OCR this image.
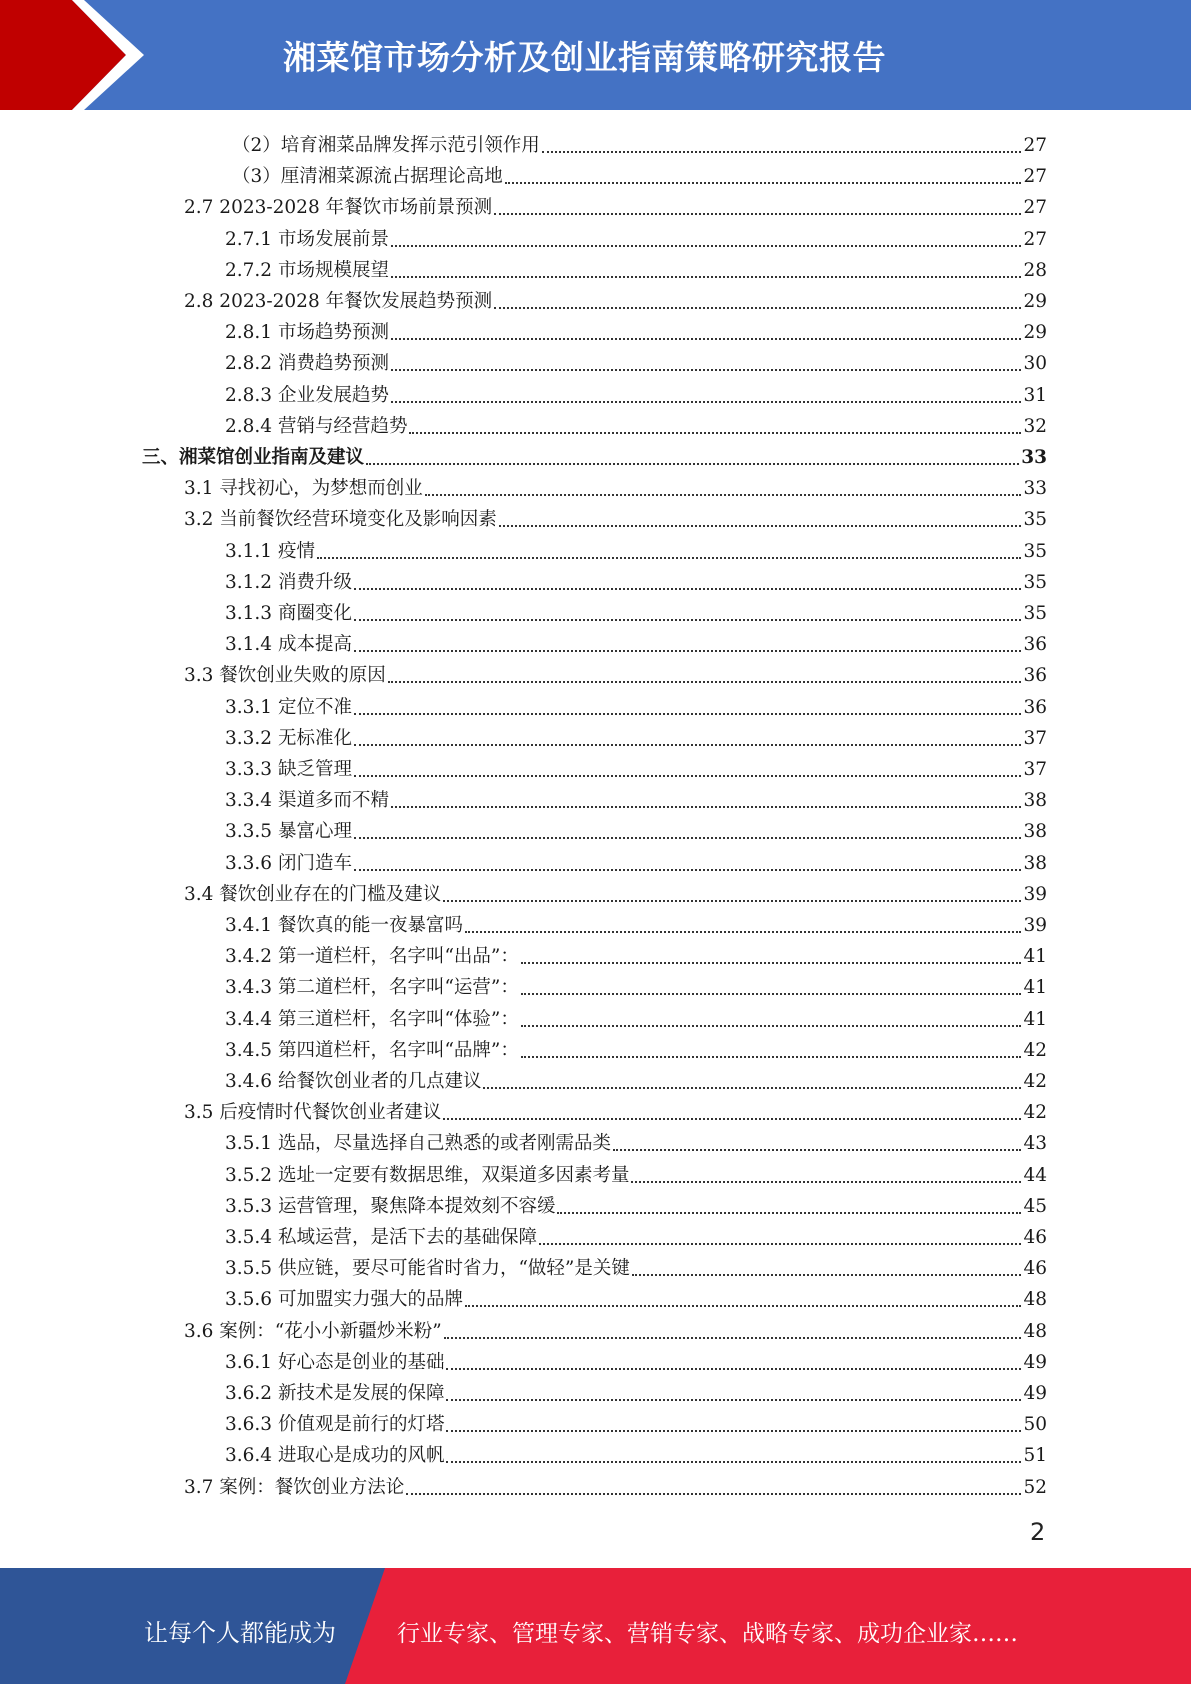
湘菜馆市场分析及创业指南策略研究报告
（2）培育湘菜品牌发挥示范引领作用	27
（3）厘清湘菜源流占据理论高地	27
2.7 2023-2028 年餐饮市场前景预测	27
2.7.1 市场发展前景	27
2.7.2 市场规模展望	28
2.8 2023-2028 年餐饮发展趋势预测	29
2.8.1 市场趋势预测	29
2.8.2 消费趋势预测	30
2.8.3 企业发展趋势	31
2.8.4 营销与经营趋势	32
三、湘菜馆创业指南及建议	33
3.1 寻找初心，为梦想而创业	33
3.2 当前餐饮经营环境变化及影响因素	35
3.1.1 疫情	35
3.1.2 消费升级	35
3.1.3 商圈变化	35
3.1.4 成本提高	36
3.3 餐饮创业失败的原因	36
3.3.1 定位不准	36
3.3.2 无标准化	37
3.3.3 缺乏管理	37
3.3.4 渠道多而不精	38
3.3.5 暴富心理	38
3.3.6 闭门造车	38
3.4 餐饮创业存在的门槛及建议	39
3.4.1 餐饮真的能一夜暴富吗	39
3.4.2 第一道栏杆，名字叫“出品”：	41
3.4.3 第二道栏杆，名字叫“运营”：	41
3.4.4 第三道栏杆，名字叫“体验”：	41
3.4.5 第四道栏杆，名字叫“品牌”：	42
3.4.6 给餐饮创业者的几点建议	42
3.5 后疫情时代餐饮创业者建议	42
3.5.1 选品，尽量选择自己熟悉的或者刚需品类	43
3.5.2 选址一定要有数据思维，双渠道多因素考量	44
3.5.3 运营管理，聚焦降本提效刻不容缓	45
3.5.4 私域运营，是活下去的基础保障	46
3.5.5 供应链，要尽可能省时省力，“做轻”是关键	46
3.5.6 可加盟实力强大的品牌	48
3.6 案例：“花小小新疆炒米粉”	48
3.6.1 好心态是创业的基础	49
3.6.2 新技术是发展的保障	49
3.6.3 价值观是前行的灯塔	50
3.6.4 进取心是成功的风帆	51
3.7 案例：餐饮创业方法论	52
2
让每个人都能成为	行业专家、管理专家、营销专家、战略专家、成功企业家……
